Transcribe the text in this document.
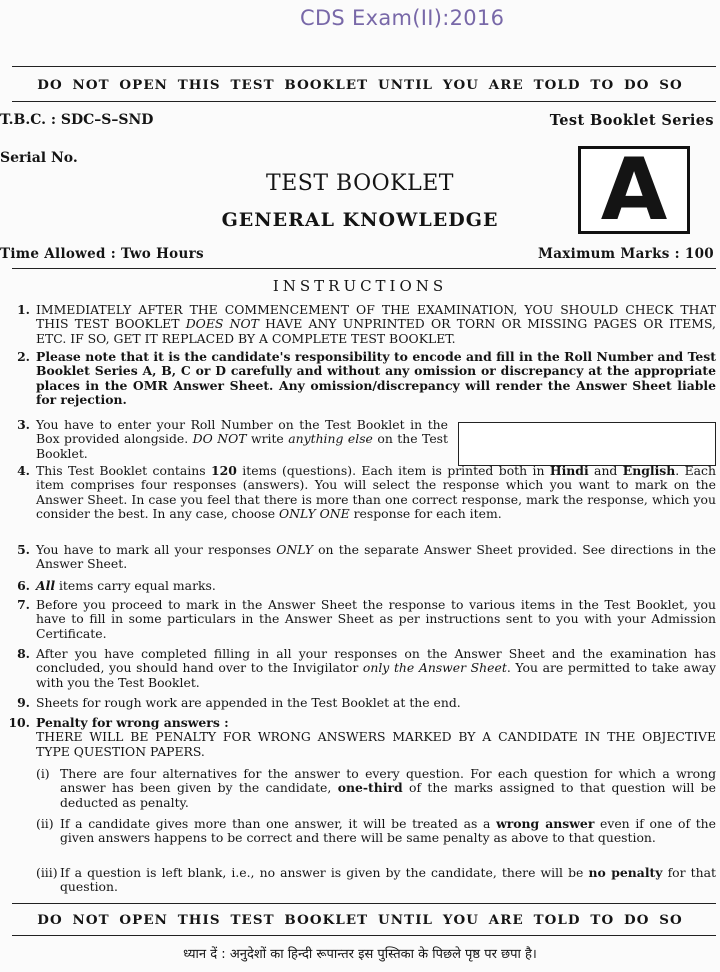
CDS Exam(II):2016
DO NOT OPEN THIS TEST BOOKLET UNTIL YOU ARE TOLD TO DO SO
T.B.C. : SDC–S–SND	Test Booklet Series
Serial No.	A
TEST BOOKLET
GENERAL KNOWLEDGE
Time Allowed : Two Hours	Maximum Marks : 100
INSTRUCTIONS
1. IMMEDIATELY AFTER THE COMMENCEMENT OF THE EXAMINATION, YOU SHOULD CHECK THAT THIS TEST BOOKLET DOES NOT HAVE ANY UNPRINTED OR TORN OR MISSING PAGES OR ITEMS, ETC. IF SO, GET IT REPLACED BY A COMPLETE TEST BOOKLET.
2. Please note that it is the candidate's responsibility to encode and fill in the Roll Number and Test Booklet Series A, B, C or D carefully and without any omission or discrepancy at the appropriate places in the OMR Answer Sheet. Any omission/discrepancy will render the Answer Sheet liable for rejection.
3. You have to enter your Roll Number on the Test Booklet in the Box provided alongside. DO NOT write anything else on the Test Booklet.
4. This Test Booklet contains 120 items (questions). Each item is printed both in Hindi and English. Each item comprises four responses (answers). You will select the response which you want to mark on the Answer Sheet. In case you feel that there is more than one correct response, mark the response, which you consider the best. In any case, choose ONLY ONE response for each item.
5. You have to mark all your responses ONLY on the separate Answer Sheet provided. See directions in the Answer Sheet.
6. All items carry equal marks.
7. Before you proceed to mark in the Answer Sheet the response to various items in the Test Booklet, you have to fill in some particulars in the Answer Sheet as per instructions sent to you with your Admission Certificate.
8. After you have completed filling in all your responses on the Answer Sheet and the examination has concluded, you should hand over to the Invigilator only the Answer Sheet. You are permitted to take away with you the Test Booklet.
9. Sheets for rough work are appended in the Test Booklet at the end.
10. Penalty for wrong answers :
THERE WILL BE PENALTY FOR WRONG ANSWERS MARKED BY A CANDIDATE IN THE OBJECTIVE TYPE QUESTION PAPERS.
(i) There are four alternatives for the answer to every question. For each question for which a wrong answer has been given by the candidate, one-third of the marks assigned to that question will be deducted as penalty.
(ii) If a candidate gives more than one answer, it will be treated as a wrong answer even if one of the given answers happens to be correct and there will be same penalty as above to that question.
(iii) If a question is left blank, i.e., no answer is given by the candidate, there will be no penalty for that question.
DO NOT OPEN THIS TEST BOOKLET UNTIL YOU ARE TOLD TO DO SO
ध्यान दें : अनुदेशों का हिन्दी रूपान्तर इस पुस्तिका के पिछले पृष्ठ पर छपा है।
